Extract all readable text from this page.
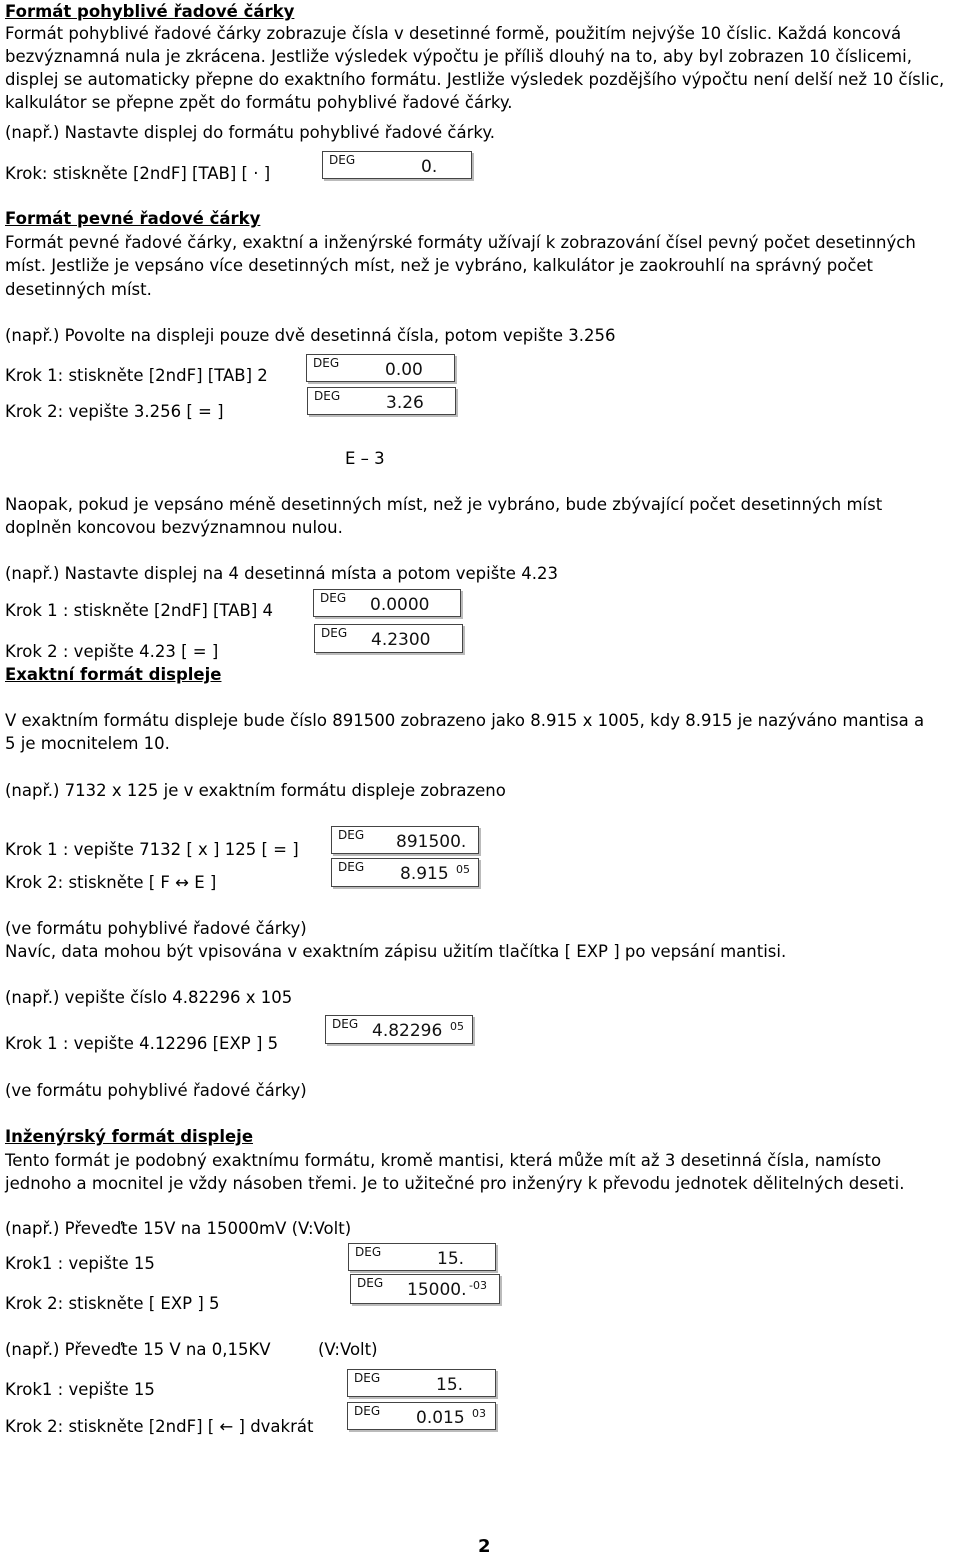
Formát pohyblivé řadové čárky
Formát pohyblivé řadové čárky zobrazuje čísla v desetinné formě, použitím nejvýše 10 číslic. Každá koncová
bezvýznamná nula je zkrácena. Jestliže výsledek výpočtu je příliš dlouhý na to, aby byl zobrazen 10 číslicemi,
displej se automaticky přepne do exaktního formátu. Jestliže výsledek pozdějšího výpočtu není delší než 10 číslic,
kalkulátor se přepne zpět do formátu pohyblivé řadové čárky.
(např.) Nastavte displej do formátu pohyblivé řadové čárky.
Krok: stiskněte [2ndF] [TAB] [ · ]
DEG	0.
Formát pevné řadové čárky
Formát pevné řadové čárky, exaktní a inženýrské formáty užívají k zobrazování čísel pevný počet desetinných
míst. Jestliže je vepsáno více desetinných míst, než je vybráno, kalkulátor je zaokrouhlí na správný počet
desetinných míst.
(např.) Povolte na displeji pouze dvě desetinná čísla, potom vepište 3.256
Krok 1: stiskněte [2ndF] [TAB] 2
DEG	0.00
Krok 2: vepište 3.256 [ = ]
DEG	3.26
E – 3
Naopak, pokud je vepsáno méně desetinných míst, než je vybráno, bude zbývající počet desetinných míst
doplněn koncovou bezvýznamnou nulou.
(např.) Nastavte displej na 4 desetinná místa a potom vepište 4.23
Krok 1 : stiskněte [2ndF] [TAB] 4
DEG 0.0000
Krok 2 : vepište 4.23 [ = ]
DEG 4.2300
Exaktní formát displeje
V exaktním formátu displeje bude číslo 891500 zobrazeno jako 8.915 x 1005, kdy 8.915 je nazýváno mantisa a
5 je mocnitelem 10.
(např.) 7132 x 125 je v exaktním formátu displeje zobrazeno
Krok 1 : vepište 7132 [ x ] 125 [ = ]
DEG 891500.
Krok 2: stiskněte [ F ↔ E ]
DEG 8.915 05
(ve formátu pohyblivé řadové čárky)
Navíc, data mohou být vpisována v exaktním zápisu užitím tlačítka [ EXP ] po vepsání mantisi.
(např.) vepište číslo 4.82296 x 105
Krok 1 : vepište 4.12296 [EXP ] 5
DEG 4.82296 05
(ve formátu pohyblivé řadové čárky)
Inženýrský formát displeje
Tento formát je podobný exaktnímu formátu, kromě mantisi, která může mít až 3 desetinná čísla, namísto
jednoho a mocnitel je vždy násoben třemi. Je to užitečné pro inženýry k převodu jednotek dělitelných deseti.
(např.) Převeďte 15V na 15000mV (V:Volt)
Krok1 : vepište 15
DEG	15.
Krok 2: stiskněte [ EXP ] 5
DEG 15000. -03
(např.) Převeďte 15 V na 0,15KV	(V:Volt)
Krok1 : vepište 15
DEG	15.
Krok 2: stiskněte [2ndF] [ ← ] dvakrát
DEG 0.015 03
2
